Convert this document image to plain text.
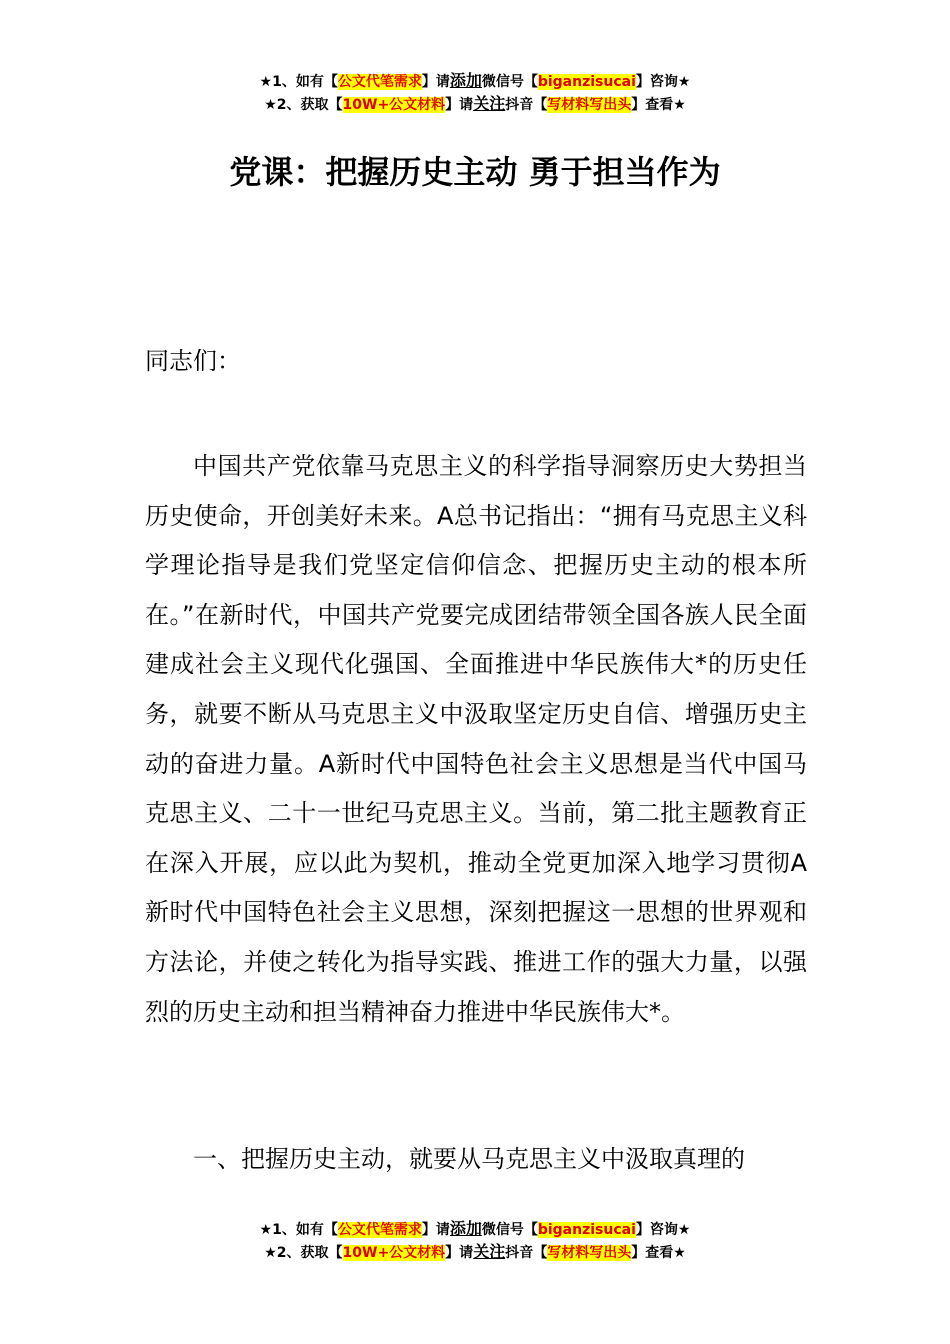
★1、如有【公文代笔需求】请添加微信号【biganzisucai】咨询★
★2、获取【10W+公文材料】请关注抖音【写材料写出头】查看★
党课：把握历史主动 勇于担当作为

同志们：

中国共产党依靠马克思主义的科学指导洞察历史大势担当历史使命，开创美好未来。A总书记指出：“拥有马克思主义科学理论指导是我们党坚定信仰信念、把握历史主动的根本所在。”在新时代，中国共产党要完成团结带领全国各族人民全面建成社会主义现代化强国、全面推进中华民族伟大*的历史任务，就要不断从马克思主义中汲取坚定历史自信、增强历史主动的奋进力量。A新时代中国特色社会主义思想是当代中国马克思主义、二十一世纪马克思主义。当前，第二批主题教育正在深入开展，应以此为契机，推动全党更加深入地学习贯彻A新时代中国特色社会主义思想，深刻把握这一思想的世界观和方法论，并使之转化为指导实践、推进工作的强大力量，以强烈的历史主动和担当精神奋力推进中华民族伟大*。

一、把握历史主动，就要从马克思主义中汲取真理的

★1、如有【公文代笔需求】请添加微信号【biganzisucai】咨询★
★2、获取【10W+公文材料】请关注抖音【写材料写出头】查看★
